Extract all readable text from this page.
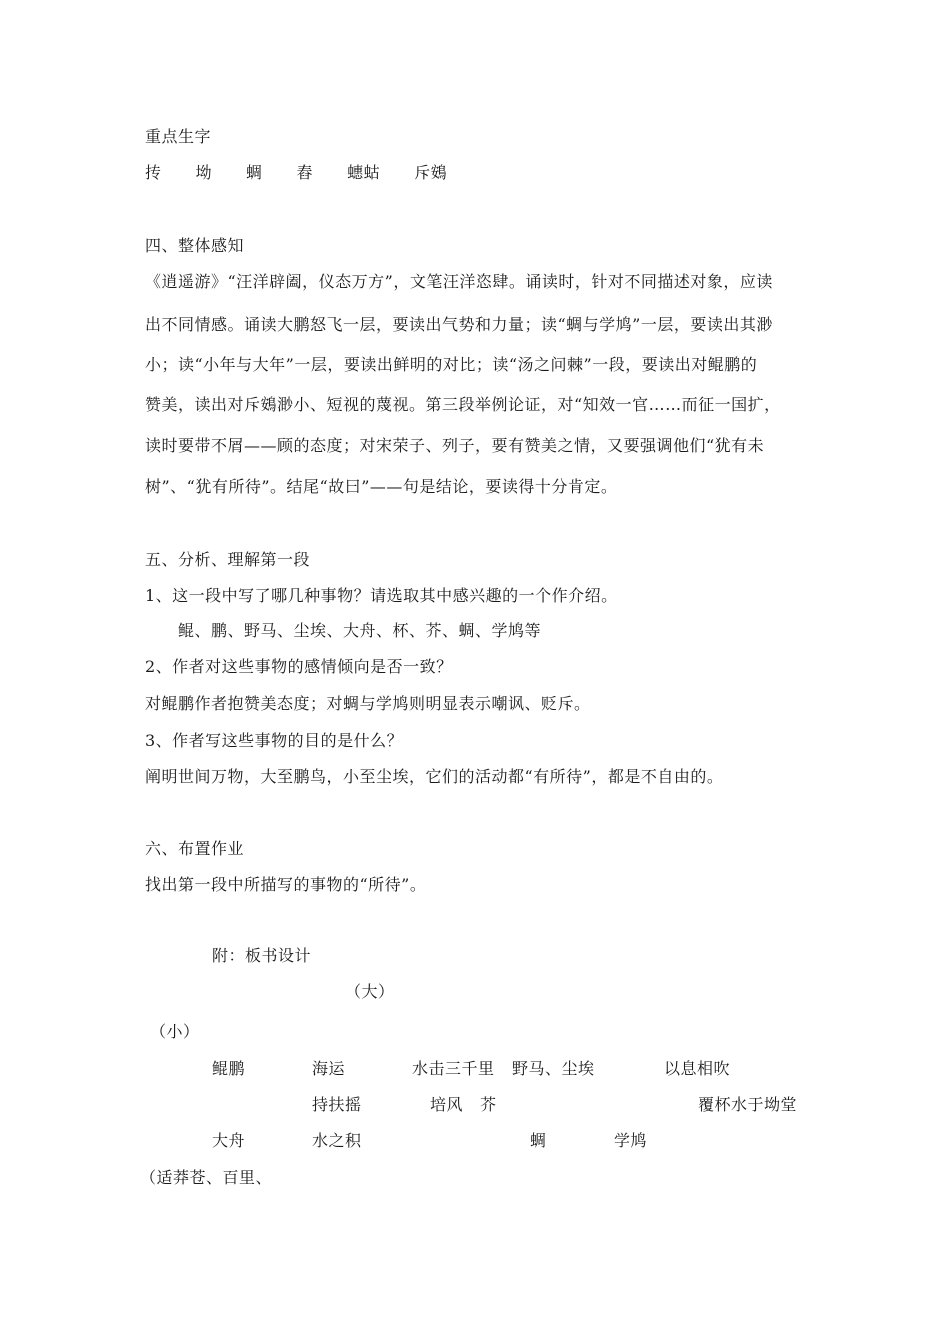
重点生字
抟 坳 蜩 舂 蟪蛄 斥鴳
四、整体感知
《逍遥游》“汪洋辟阖，仪态万方”，文笔汪洋恣肆。诵读时，针对不同描述对象，应读
出不同情感。诵读大鹏怒飞一层，要读出气势和力量；读“蜩与学鸠”一层，要读出其渺
小；读“小年与大年”一层，要读出鲜明的对比；读“汤之问棘”一段，要读出对鲲鹏的
赞美，读出对斥鴳渺小、短视的蔑视。第三段举例论证，对“知效一官……而征一国扩，
读时要带不屑——顾的态度；对宋荣子、列子，要有赞美之情，又要强调他们“犹有未
树”、“犹有所待”。结尾“故曰”——句是结论，要读得十分肯定。
五、分析、理解第一段
1、这一段中写了哪几种事物？请选取其中感兴趣的一个作介绍。
鲲、鹏、野马、尘埃、大舟、杯、芥、蜩、学鸠等
2、作者对这些事物的感情倾向是否一致？
对鲲鹏作者抱赞美态度；对蜩与学鸠则明显表示嘲讽、贬斥。
3、作者写这些事物的目的是什么？
阐明世间万物，大至鹏鸟，小至尘埃，它们的活动都“有所待”，都是不自由的。
六、布置作业
找出第一段中所描写的事物的“所待”。
附：板书设计
（大）
（小）
鲲鹏	海运	水击三千里 野马、尘埃	以息相吹
持扶摇	培风 芥	覆杯水于坳堂
大舟	水之积	蜩	学鸠
（适莽苍、百里、
